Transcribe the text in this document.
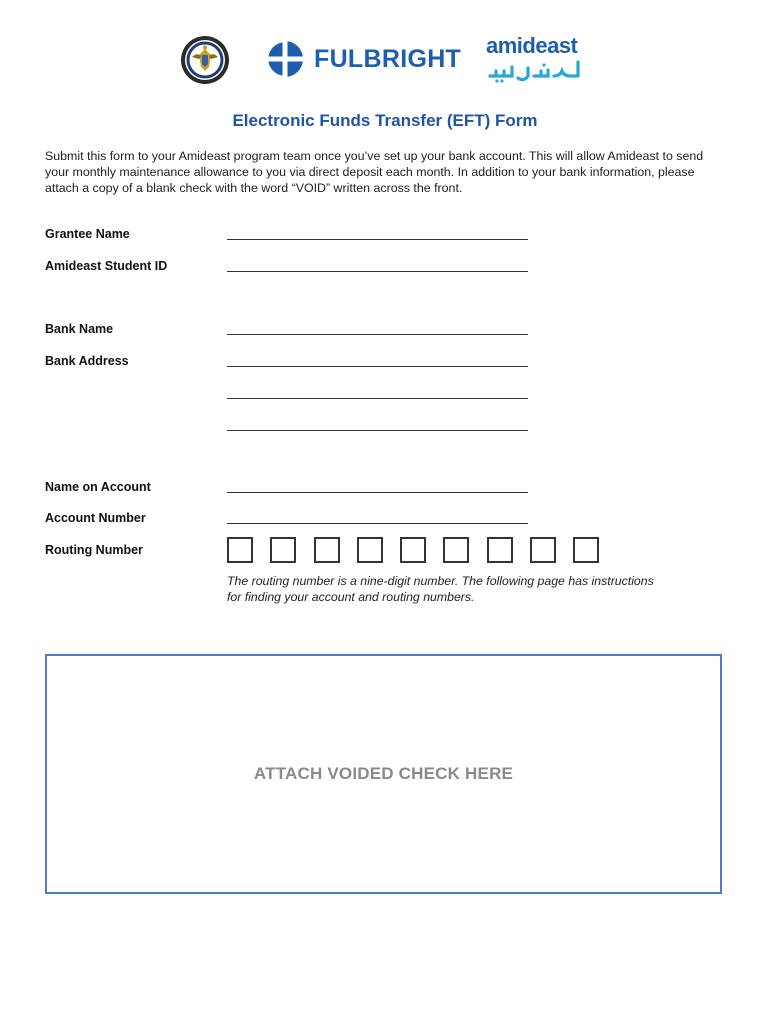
FULBRIGHT amideast
Electronic Funds Transfer (EFT) Form
Submit this form to your Amideast program team once you’ve set up your bank account. This will allow Amideast to send your monthly maintenance allowance to you via direct deposit each month. In addition to your bank information, please attach a copy of a blank check with the word “VOID” written across the front.
Grantee Name
Amideast Student ID
Bank Name
Bank Address
Name on Account
Account Number
Routing Number
The routing number is a nine-digit number. The following page has instructions for finding your account and routing numbers.
ATTACH VOIDED CHECK HERE
